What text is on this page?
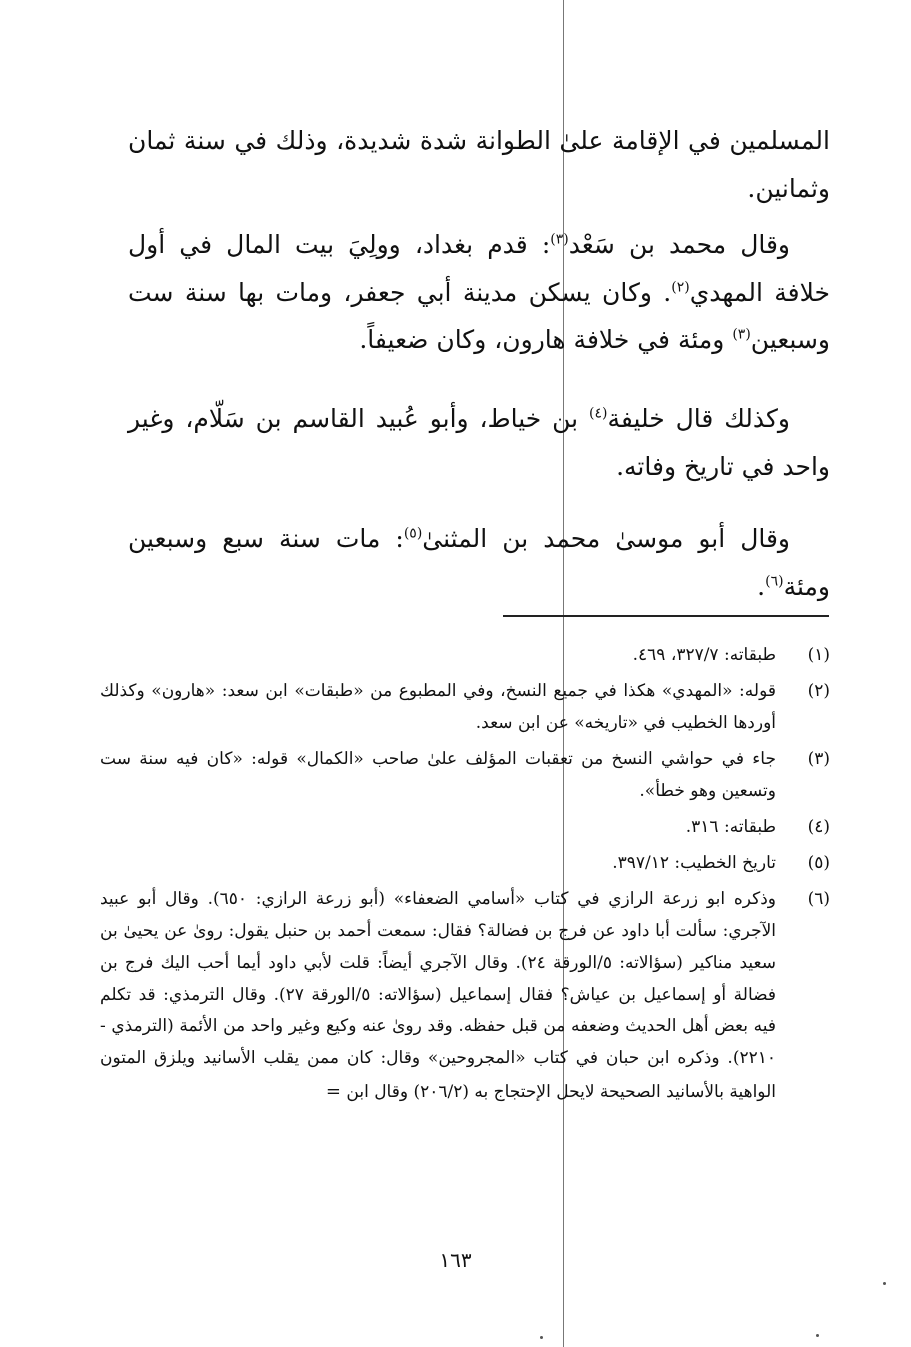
المسلمين في الإقامة علىٰ الطوانة شدة شديدة، وذلك في سنة ثمان وثمانين.

وقال محمد بن سَعْد$^{(٣)}$: قدم بغداد، وولِيَ بيت المال في أول خلافة المهدي$^{(٢)}$. وكان يسكن مدينة أبي جعفر، ومات بها سنة ست وسبعين$^{(٣)}$ ومئة في خلافة هارون، وكان ضعيفاً.

وكذلك قال خليفة$^{(٤)}$ بن خياط، وأبو عُبيد القاسم بن سَلّام، وغير واحد في تاريخ وفاته.

وقال أبو موسىٰ محمد بن المثنىٰ$^{(٥)}$: مات سنة سبع وسبعين ومئة$^{(٦)}$.

(١)
طبقاته: ٣٢٧/٧، ٤٦٩.
(٢)
قوله: «المهدي» هكذا في جميع النسخ، وفي المطبوع من «طبقات» ابن سعد: «هارون» وكذلك أوردها الخطيب في «تاريخه» عن ابن سعد.
(٣)
جاء في حواشي النسخ من تعقبات المؤلف علىٰ صاحب «الكمال» قوله: «كان فيه سنة ست وتسعين وهو خطأ».
(٤)
طبقاته: ٣١٦.
(٥)
تاريخ الخطيب: ٣٩٧/١٢.
(٦)
وذكره ابو زرعة الرازي في كتاب «أسامي الضعفاء» (أبو زرعة الرازي: ٦٥٠). وقال أبو عبيد الآجري: سألت أبا داود عن فرج بن فضالة؟ فقال: سمعت أحمد بن حنبل يقول: روىٰ عن يحيىٰ بن سعيد مناكير (سؤالاته: ٥/الورقة ٢٤). وقال الآجري أيضاً: قلت لأبي داود أيما أحب اليك فرج بن فضالة أو إسماعيل بن عياش؟ فقال إسماعيل (سؤالاته: ٥/الورقة ٢٧). وقال الترمذي: قد تكلم فيه بعض أهل الحديث وضعفه من قبل حفظه. وقد روىٰ عنه وكيع وغير واحد من الأئمة (الترمذي - ٢٢١٠). وذكره ابن حبان في كتاب «المجروحين» وقال: كان ممن يقلب الأسانيد ويلزق المتون الواهية بالأسانيد الصحيحة لايحل الإحتجاج به (٢٠٦/٢) وقال ابن =
١٦٣
